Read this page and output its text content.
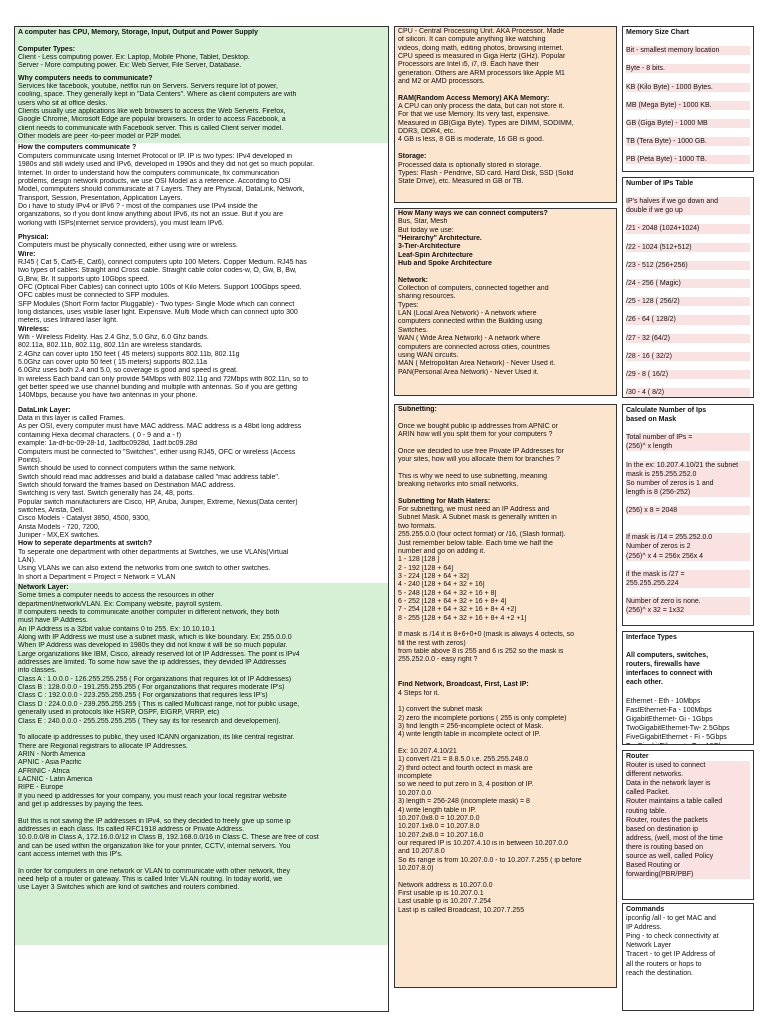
A computer has CPU, Memory, Storage, Input, Output and Power Supply
Computer Types:
Client - Less computing power. Ex: Laptop, Mobile Phone, Tablet, Desktop.
Server - More computing power. Ex: Web Server, File Server, Database.
Why computers needs to communicate?
Services like facebook, youtube, netflix run on Servers. Servers require lot of power,
cooling, space. They generally kept in "Data Centers". Where as client computers are with
users who sit at office desks.
Clients usually use applications like web browsers to access the Web Servers. Firefox,
Google Chrome, Microsoft Edge are popular browsers. In order to access Facebook, a
client needs to communicate with Facebook server. This is called Client server model.
Other models are peer -to-peer model or P2P model.
How the computers communicate ?
Computers communicate using Internet Protocol or IP. IP is two types: IPv4 developed in
1980s and still widely used and IPv6, developed in 1990s and they did not get so much popular.
Internet. In order to understand how the computers communicate, fix communication
problems, design network products, we use OSI Model as a reference. According to OSI
Model, commputers should communicate at 7 Layers. They are Physical, DataLink, Network,
Transport, Session, Presentation, Application Layers.
Do i have to study IPv4 or IPv6 ? - most of the companies use IPv4 inside the
organizations, so if you dont know anything about IPv6, its not an issue. But if you are
working with ISPs(internet service providers), you must learn IPv6.
Physical:
Computers must be physically connected, either using wire or wireless.
Wire:
RJ45 ( Cat 5, Cat5-E, Cat6), connect computers upto 100 Meters. Copper Medium. RJ45 has
two types of cables: Straight and Cross cable. Straight cable color codes-w, O, Gw, B, Bw,
G,Brw, Br. It supports upto 10Gbps speed.
OFC (Optical Fiber Cables) can connect upto 100s of Kilo Meters. Support 100Gbps speed.
OFC cables must be connected to SFP modules.
SFP Modules (Short Form factor Pluggable) - Two types- Single Mode which can connect
long distances, uses visible laser light. Expensive. Multi Mode which can connect upto 300
meters, uses Infrared laser light.
Wireless:
Wifi - Wireless Fidelity. Has 2.4 Ghz, 5.0 Ghz, 6.0 Ghz bands.
802.11a, 802.11b, 802.11g, 802.11n are wireless standards.
2.4Ghz can cover upto 150 feet ( 45 meters) supports 802.11b, 802.11g
5.0Ghz can cover upto 50 feet ( 15 meters) supports 802.11a
6.0Ghz uses both 2.4 and 5.0, so coverage is good and speed is great.
In wireless Each band can only provide 54Mbps with 802.11g and 72Mbps with 802.11n, so to
get better speed we use channel bunding and multiple with antennas. So if you are getting
140Mbps, because you have two antennas in your phone.
DataLink Layer:
Data in this layer is called Frames.
As per OSI, every computer must have MAC address. MAC address is a 48bit long address
containing Hexa decimal characters. ( 0 - 9 and a - f)
example: 1a-df-bc-09-28-1d, 1adfbc0928d, 1adf.bc09.28d
Computers must be connected to "Switches", either using RJ45, OFC or wireless (Access
Points).
Switch should be used to connect computers within the same network.
Switch should read mac addresses and build a database called "mac address table".
Switch should forward the frames based on Destination MAC address.
Switching is very fast. Switch generally has 24, 48, ports.
Popular switch manufacturers are Cisco, HP, Aruba, Juniper, Extreme, Nexus(Data center)
switches, Arista, Dell.
Cisco Models - Catalyst 3850, 4500, 9300,
Arista Models - 720, 7200,
Juniper - MX,EX switches.
How to seperate departments at switch?
To seperate one department with other departments at Switches, we use VLANs(Virtual
LAN).
Using VLANs we can also extend the networks from one switch to other switches.
In short a Department = Project = Network = VLAN
Network Layer:
Some times a computer needs to access the resources in other
department/network/VLAN. Ex: Company website, payroll system.
If computers needs to communicate another computer in different network, they both
must have IP Address.
An IP Address is a 32bit value contains 0 to 255. Ex: 10.10.10.1
Along with IP Address we must use a subnet mask, which is like boundary. Ex: 255.0.0.0
When IP Address was developed in 1980s they did not know it will be so much popular.
Large organizations like IBM, Cisco, already reserved lot of IP Addresses. The point is IPv4
addresses are limited. To some how save the ip addresses, they devided IP Addresses
into classes.
Class A : 1.0.0.0 - 126.255.255.255 ( For organizations that requires lot of IP Addresses)
Class B : 128.0.0.0 - 191.255.255.255 ( For organizations that requires moderate IP's)
Class C : 192.0.0.0 - 223.255.255.255 ( For organizations that requires less IP's)
Class D : 224.0.0.0 - 239.255.255.255 ( This is called Multicast range, not for public usage,
generally used in protocols like HSRP, OSPF, EIGRP, VRRP, etc)
Class E : 240.0.0.0 - 255.255.255.255 ( They say its for research and developemen).
To allocate ip addresses to public, they used ICANN organization, its like central registrar.
There are Regional registrars to allocate IP Addresses.
ARIN - North America
APNIC - Asia Pacific
AFRINIC - Africa
LACNIC - Latin America
RIPE - Europe
If you need ip addresses for your company, you must reach your local registrar website
and get ip addresses by paying the fees.
But this is not saving the IP addresses in IPv4, so they decided to freely give up some ip
addresses in each class. Its called RFC1918 address or Private Address.
10.0.0.0/8 in Class A, 172.16.0.0/12 in Class B, 192.168.0.0/16 in Class C. These are free of cost
and can be used within the organization like for your printer, CCTV, internal servers. You
cant access internet with this IP's.
In order for computers in one network or VLAN to communicate with other network, they
need help of a router or gateway. This is called Inter VLAN routing. In today world, we
use Layer 3 Switches which are kind of switches and routers combined.
CPU - Central Processing Unit. AKA Processor. Made
of silicon. It can compute anything like watching
videos, doing math, editing photos, browsing internet.
CPU speed is measured in Giga Hertz (GHz). Popular
Processors are Intel i5, i7, i9. Each have their
generation. Others are ARM processors like Apple M1
and M2 or AMD processors.
RAM(Random Access Memory) AKA Memory:
A CPU can only process the data, but can not store it.
For that we use Memory. Its very fast, expensive.
Measured in GB(Giga Byte). Types are DIMM, SODIMM,
DDR3, DDR4, etc.
4 GB is less, 8 GB is moderate, 16 GB is good.
Storage:
Processed data is optionally stored in storage.
Types: Flash - Pendrive, SD card. Hard Disk, SSD (Solid
State Drive), etc. Measured in GB or TB.
How Many ways we can connect computers?
Bus, Star, Mesh
But today we use:
"Heirarchy" Architecture.
3-Tier-Architecture
Leaf-Spin Architecture
Hub and Spoke Architecture
Network:
Collection of computers, connected together and
sharing resources.
Types:
LAN (Local Area Network) - A network where
computers connected within the Building using
Switches.
WAN ( Wide Area Network) - A network where
computers are connected across cities, countries
using WAN circuits.
MAN ( Metropolitan Area Network) - Never Used it.
PAN(Personal Area Network) - Never Used it.
Subnetting:
Once we bought public ip addresses from APNIC or
ARIN how will you split them for your computers ?
Once we decided to use free Private IP Addresses for
your sites, how will you allocate them for branches ?
This is why we need to use subnetting, meaning
breaking networks into small networks.
Subnetting for Math Haters:
For subnetting, we must need an IP Address and
Subnet Mask. A Subnet mask is generally written in
two formats.
255.255.0.0 (four octect format) or /16, (Slash format).
Just remember below table. Each time we half the
number and go on adding it.
1 - 128 [128 ]
2 - 192 [128 + 64]
3 - 224 [128 + 64 + 32]
4 - 240 [128 + 64 + 32 + 16]
5 - 248 [128 + 64 + 32 + 16 + 8]
6 - 252 [128 + 64 + 32 + 16 + 8+ 4]
7 - 254 [128 + 64 + 32 + 16 + 8+ 4 +2]
8 - 255 [128 + 64 + 32 + 16 + 8+ 4 +2 +1]
If mask is /14 it is 8+6+0+0 (mask is always 4 octects, so
fill the rest with zeros)
from table above 8 is 255 and 6 is 252 so the mask is
255.252.0.0 - easy right ?
Find Network, Broadcast, First, Last IP:
4 Steps for it.
1) convert the subnet mask
2) zero the incomplete portions ( 255 is only complete)
3) find length = 256-incomplete octect of Mask.
4) write length table in incomplete octect of IP.
Ex: 10.207.4.10/21
1) convert /21 = 8.8.5.0 i.e. 255.255.248.0
2) third octect and fourth octect in mask are
incomplete
so we need to put zero in 3, 4 position of IP.
10.207.0.0
3) length = 256-248 (incomplete mask) = 8
4) write length table in IP.
10.207.0x8.0 = 10.207.0.0
10.207.1x8.0 = 10.207.8.0
10.207.2x8.0 = 10.207.16.0
our required IP is 10.207.4.10 is in between 10.207.0.0
and 10.207.8.0
So its range is from 10.207.0.0 - to 10.207.7.255 ( ip before
10.207.8.0)
Network address is 10.207.0.0
First usable ip is 10.207.0.1
Last usable ip is 10.207.7.254
Last ip is called Broadcast, 10.207.7.255
Memory Size Chart
Bit - smallest memory location
Byte - 8 bits.
KB (Kilo Byte) - 1000 Bytes.
MB (Mega Byte) - 1000 KB.
GB (Giga Byte) - 1000 MB
TB (Tera Byte) - 1000 GB.
PB (Peta Byte) - 1000 TB.
Number of IPs Table
IP's halves if we go down and
double if we go up
/21 - 2048 (1024+1024)
/22 - 1024 (512+512)
/23 - 512 (256+256)
/24 - 256 ( Magic)
/25 - 128 ( 256/2)
/26 - 64 ( 128/2)
/27 - 32 (64/2)
/28 - 16 ( 32/2)
/29 - 8 ( 16/2)
/30 - 4 ( 8/2)
Calculate Number of Ips
based on Mask
Total number of IPs =
(256)^ x length
In the ex: 10.207.4.10/21 the subnet
mask is 255.255.252.0
So number of zeros is 1 and
length is 8 (256-252)
(256) x 8 = 2048
If mask is /14 = 255.252.0.0
Number of zeros is 2
(256)^ x 4 = 256x 256x 4
if the mask is /27 =
255.255.255.224
Number of zero is none.
(256)^ x 32 = 1x32
Interface Types
All computers, switches,
routers, firewalls have
interfaces to connect with
each other.
Ethernet - Eth - 10Mbps
FastEthernet-Fa - 100Mbps
GigabitEthernet- Gi - 1Gbps
TwoGigabitEthernet-Tw- 2.5Gbps
FiveGigabitEthernet - Fi - 5Gbps
Router
Router is used to connect
different networks.
Data in the network layer is
called Packet.
Router maintains a table called
routing table.
Router, routes the packets
based on destination ip
address, (well, most of the time
there is routing based on
source as well, called Policy
Based Routing or
forwarding(PBR/PBF)
Commands
ipconfig /all - to get MAC and
IP Address.
Ping - to check connectivity at
Network Layer
Tracert - to get IP Address of
all the routers or hops to
reach the destination.
